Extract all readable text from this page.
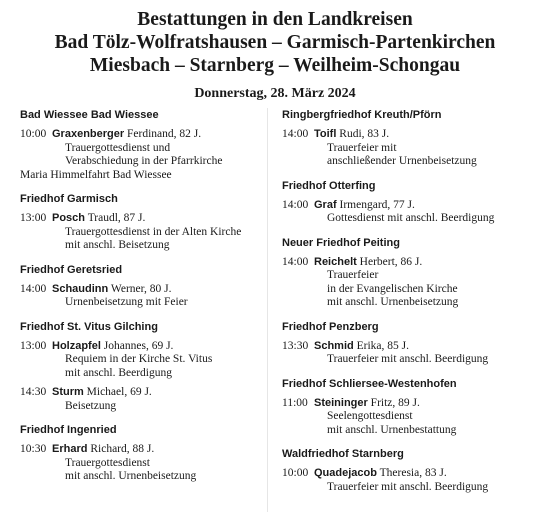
Bestattungen in den Landkreisen
Bad Tölz-Wolfratshausen – Garmisch-Partenkirchen
Miesbach – Starnberg – Weilheim-Schongau
Donnerstag, 28. März 2024
Bad Wiessee Bad Wiessee
10:00 Graxenberger Ferdinand, 82 J.
Trauergottesdienst und
Verabschiedung in der Pfarrkirche
Maria Himmelfahrt Bad Wiessee
Friedhof Garmisch
13:00 Posch Traudl, 87 J.
Trauergottesdienst in der Alten Kirche
mit anschl. Beisetzung
Friedhof Geretsried
14:00 Schaudinn Werner, 80 J.
Urnenbeisetzung mit Feier
Friedhof St. Vitus Gilching
13:00 Holzapfel Johannes, 69 J.
Requiem in der Kirche St. Vitus
mit anschl. Beerdigung
14:30 Sturm Michael, 69 J.
Beisetzung
Friedhof Ingenried
10:30 Erhard Richard, 88 J.
Trauergottesdienst
mit anschl. Urnenbeisetzung
Ringbergfriedhof Kreuth/Pförn
14:00 Toifl Rudi, 83 J.
Trauerfeier mit
anschließender Urnenbeisetzung
Friedhof Otterfing
14:00 Graf Irmengard, 77 J.
Gottesdienst mit anschl. Beerdigung
Neuer Friedhof Peiting
14:00 Reichelt Herbert, 86 J.
Trauerfeier
in der Evangelischen Kirche
mit anschl. Urnenbeisetzung
Friedhof Penzberg
13:30 Schmid Erika, 85 J.
Trauerfeier mit anschl. Beerdigung
Friedhof Schliersee-Westenhofen
11:00 Steininger Fritz, 89 J.
Seelengottesdienst
mit anschl. Urnenbestattung
Waldfriedhof Starnberg
10:00 Quadejacob Theresia, 83 J.
Trauerfeier mit anschl. Beerdigung
